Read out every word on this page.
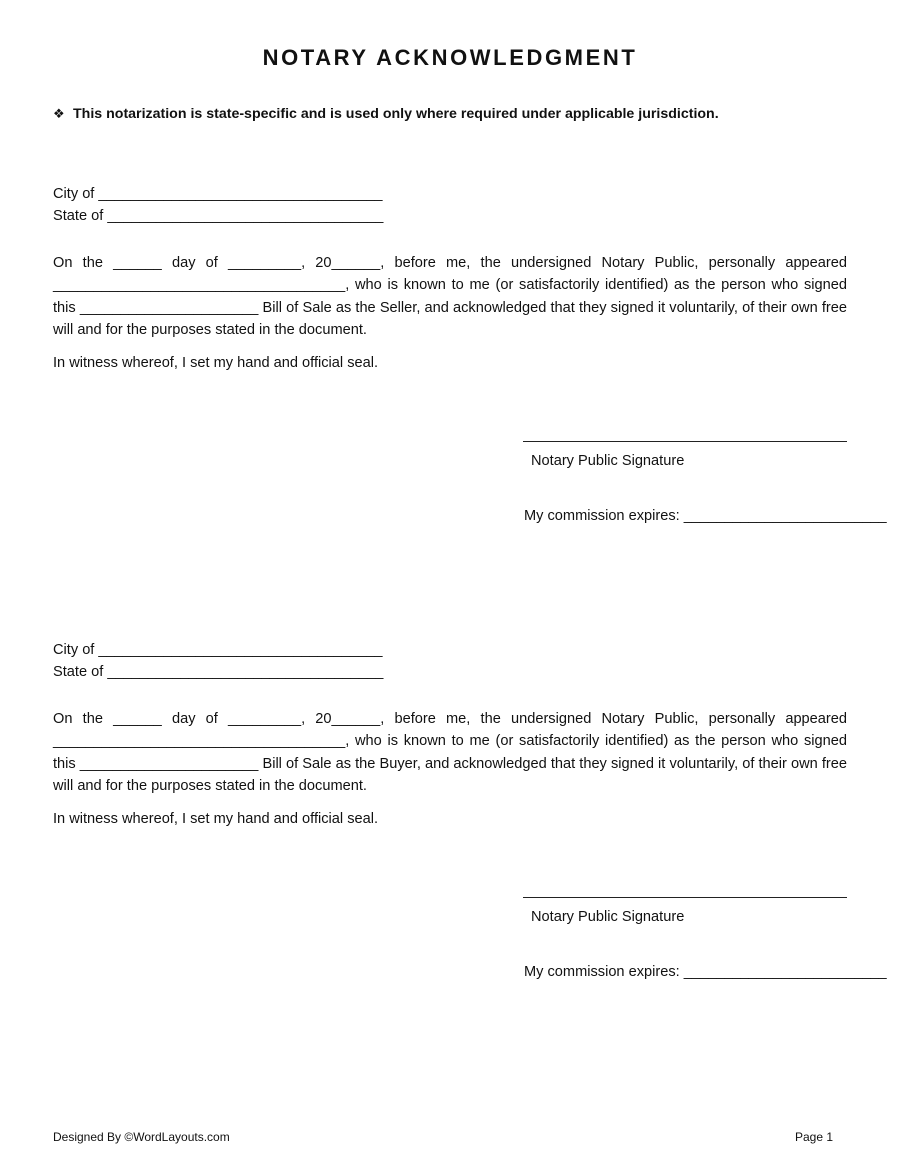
NOTARY ACKNOWLEDGMENT
❖ This notarization is state-specific and is used only where required under applicable jurisdiction.
City of ___________________________________
State of __________________________________
On the ______ day of _________, 20______, before me, the undersigned Notary Public, personally appeared ____________________________________, who is known to me (or satisfactorily identified) as the person who signed this ______________________ Bill of Sale as the Seller, and acknowledged that they signed it voluntarily, of their own free will and for the purposes stated in the document.
In witness whereof, I set my hand and official seal.
Notary Public Signature
My commission expires: _________________________
City of ___________________________________
State of __________________________________
On the ______ day of _________, 20______, before me, the undersigned Notary Public, personally appeared ____________________________________, who is known to me (or satisfactorily identified) as the person who signed this ______________________ Bill of Sale as the Buyer, and acknowledged that they signed it voluntarily, of their own free will and for the purposes stated in the document.
In witness whereof, I set my hand and official seal.
Notary Public Signature
My commission expires: _________________________
Designed By ©WordLayouts.com	Page 1
